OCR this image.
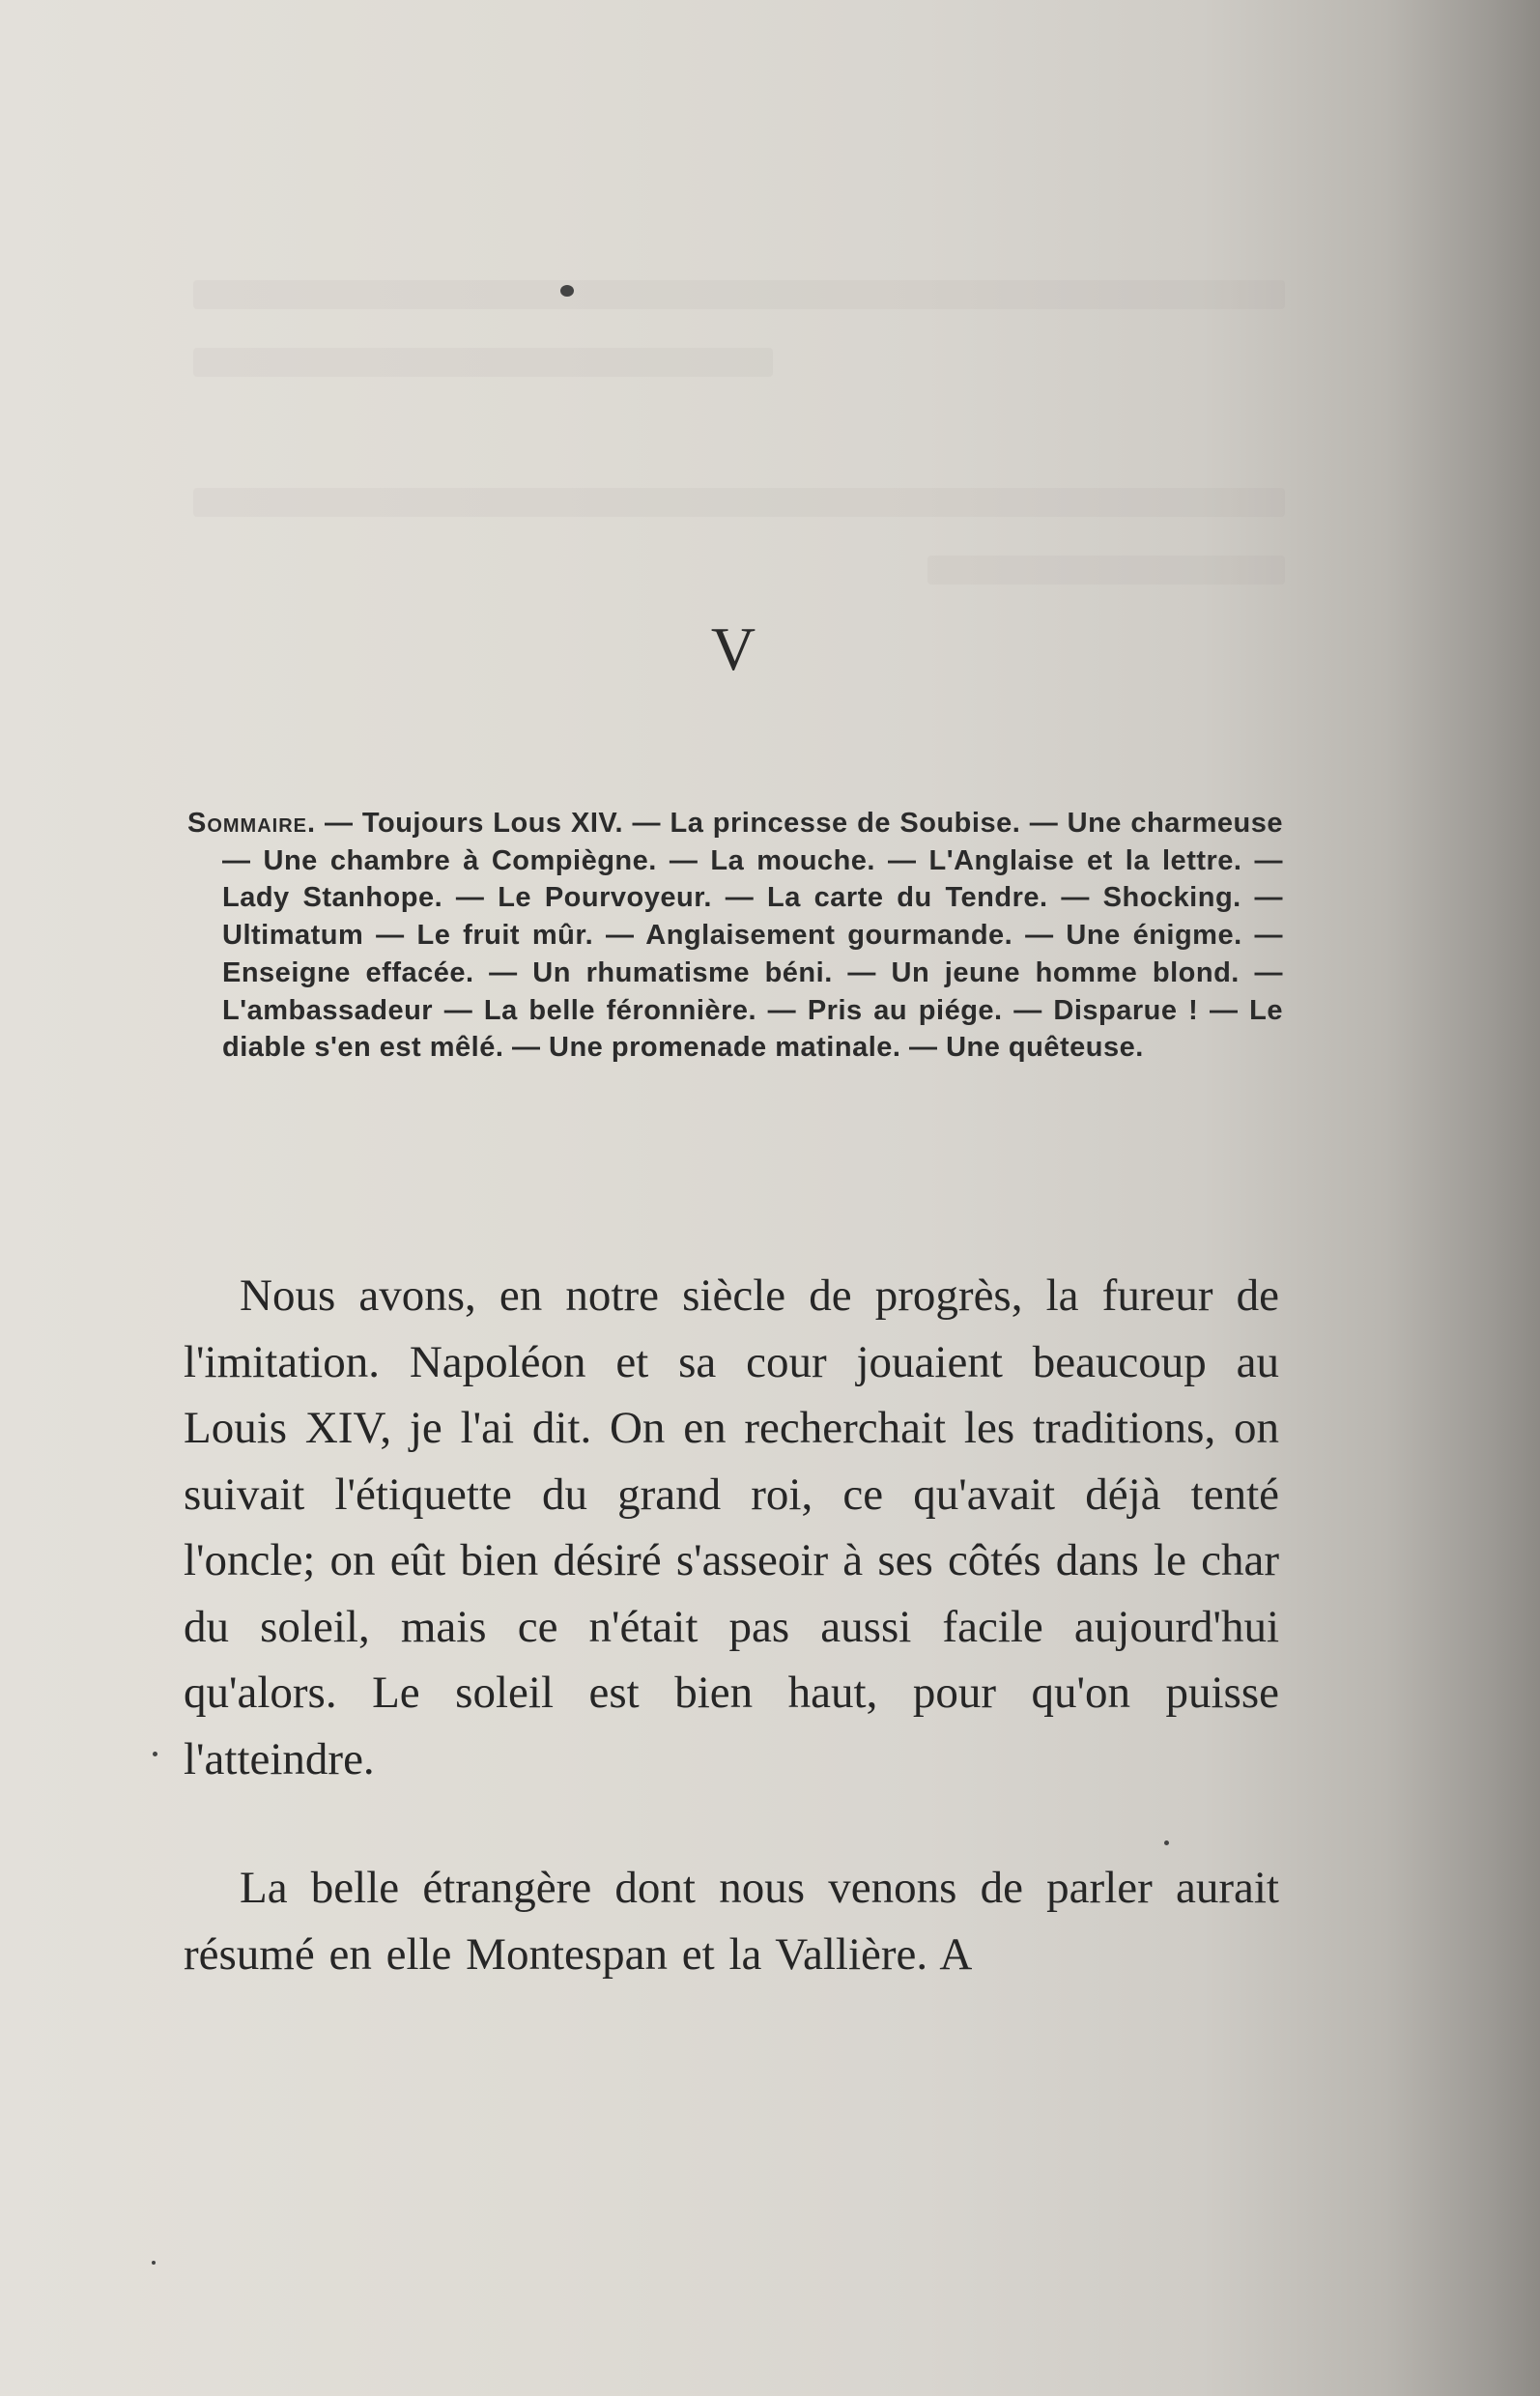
V
Sommaire. — Toujours Lous XIV. — La princesse de Soubise. — Une charmeuse — Une chambre à Compiègne. — La mouche. — L'Anglaise et la lettre. — Lady Stanhope. — Le Pourvoyeur. — La carte du Tendre. — Shocking. — Ultimatum — Le fruit mûr. — Anglaisement gourmande. — Une énigme. — Enseigne effacée. — Un rhumatisme béni. — Un jeune homme blond. — L'ambassadeur — La belle féronnière. — Pris au piége. — Disparue ! — Le diable s'en est mêlé. — Une promenade matinale. — Une quêteuse.
Nous avons, en notre siècle de progrès, la fureur de l'imitation. Napoléon et sa cour jouaient beaucoup au Louis XIV, je l'ai dit. On en recherchait les traditions, on suivait l'étiquette du grand roi, ce qu'avait déjà tenté l'oncle; on eût bien désiré s'asseoir à ses côtés dans le char du soleil, mais ce n'était pas aussi facile aujourd'hui qu'alors. Le soleil est bien haut, pour qu'on puisse l'atteindre.
La belle étrangère dont nous venons de parler aurait résumé en elle Montespan et la Vallière. A
